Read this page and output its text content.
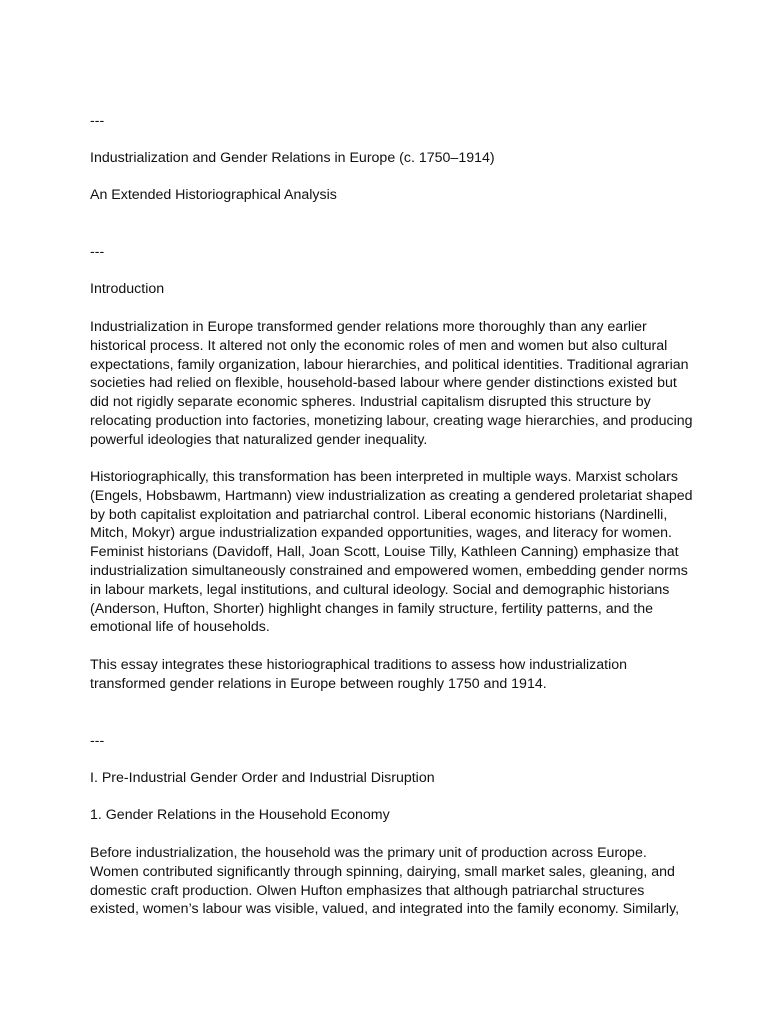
---

Industrialization and Gender Relations in Europe (c. 1750–1914)

An Extended Historiographical Analysis

---

Introduction

Industrialization in Europe transformed gender relations more thoroughly than any earlier
historical process. It altered not only the economic roles of men and women but also cultural
expectations, family organization, labour hierarchies, and political identities. Traditional agrarian
societies had relied on flexible, household-based labour where gender distinctions existed but
did not rigidly separate economic spheres. Industrial capitalism disrupted this structure by
relocating production into factories, monetizing labour, creating wage hierarchies, and producing
powerful ideologies that naturalized gender inequality.

Historiographically, this transformation has been interpreted in multiple ways. Marxist scholars
(Engels, Hobsbawm, Hartmann) view industrialization as creating a gendered proletariat shaped
by both capitalist exploitation and patriarchal control. Liberal economic historians (Nardinelli,
Mitch, Mokyr) argue industrialization expanded opportunities, wages, and literacy for women.
Feminist historians (Davidoff, Hall, Joan Scott, Louise Tilly, Kathleen Canning) emphasize that
industrialization simultaneously constrained and empowered women, embedding gender norms
in labour markets, legal institutions, and cultural ideology. Social and demographic historians
(Anderson, Hufton, Shorter) highlight changes in family structure, fertility patterns, and the
emotional life of households.

This essay integrates these historiographical traditions to assess how industrialization
transformed gender relations in Europe between roughly 1750 and 1914.

---

I. Pre-Industrial Gender Order and Industrial Disruption

1. Gender Relations in the Household Economy

Before industrialization, the household was the primary unit of production across Europe.
Women contributed significantly through spinning, dairying, small market sales, gleaning, and
domestic craft production. Olwen Hufton emphasizes that although patriarchal structures
existed, women’s labour was visible, valued, and integrated into the family economy. Similarly,
